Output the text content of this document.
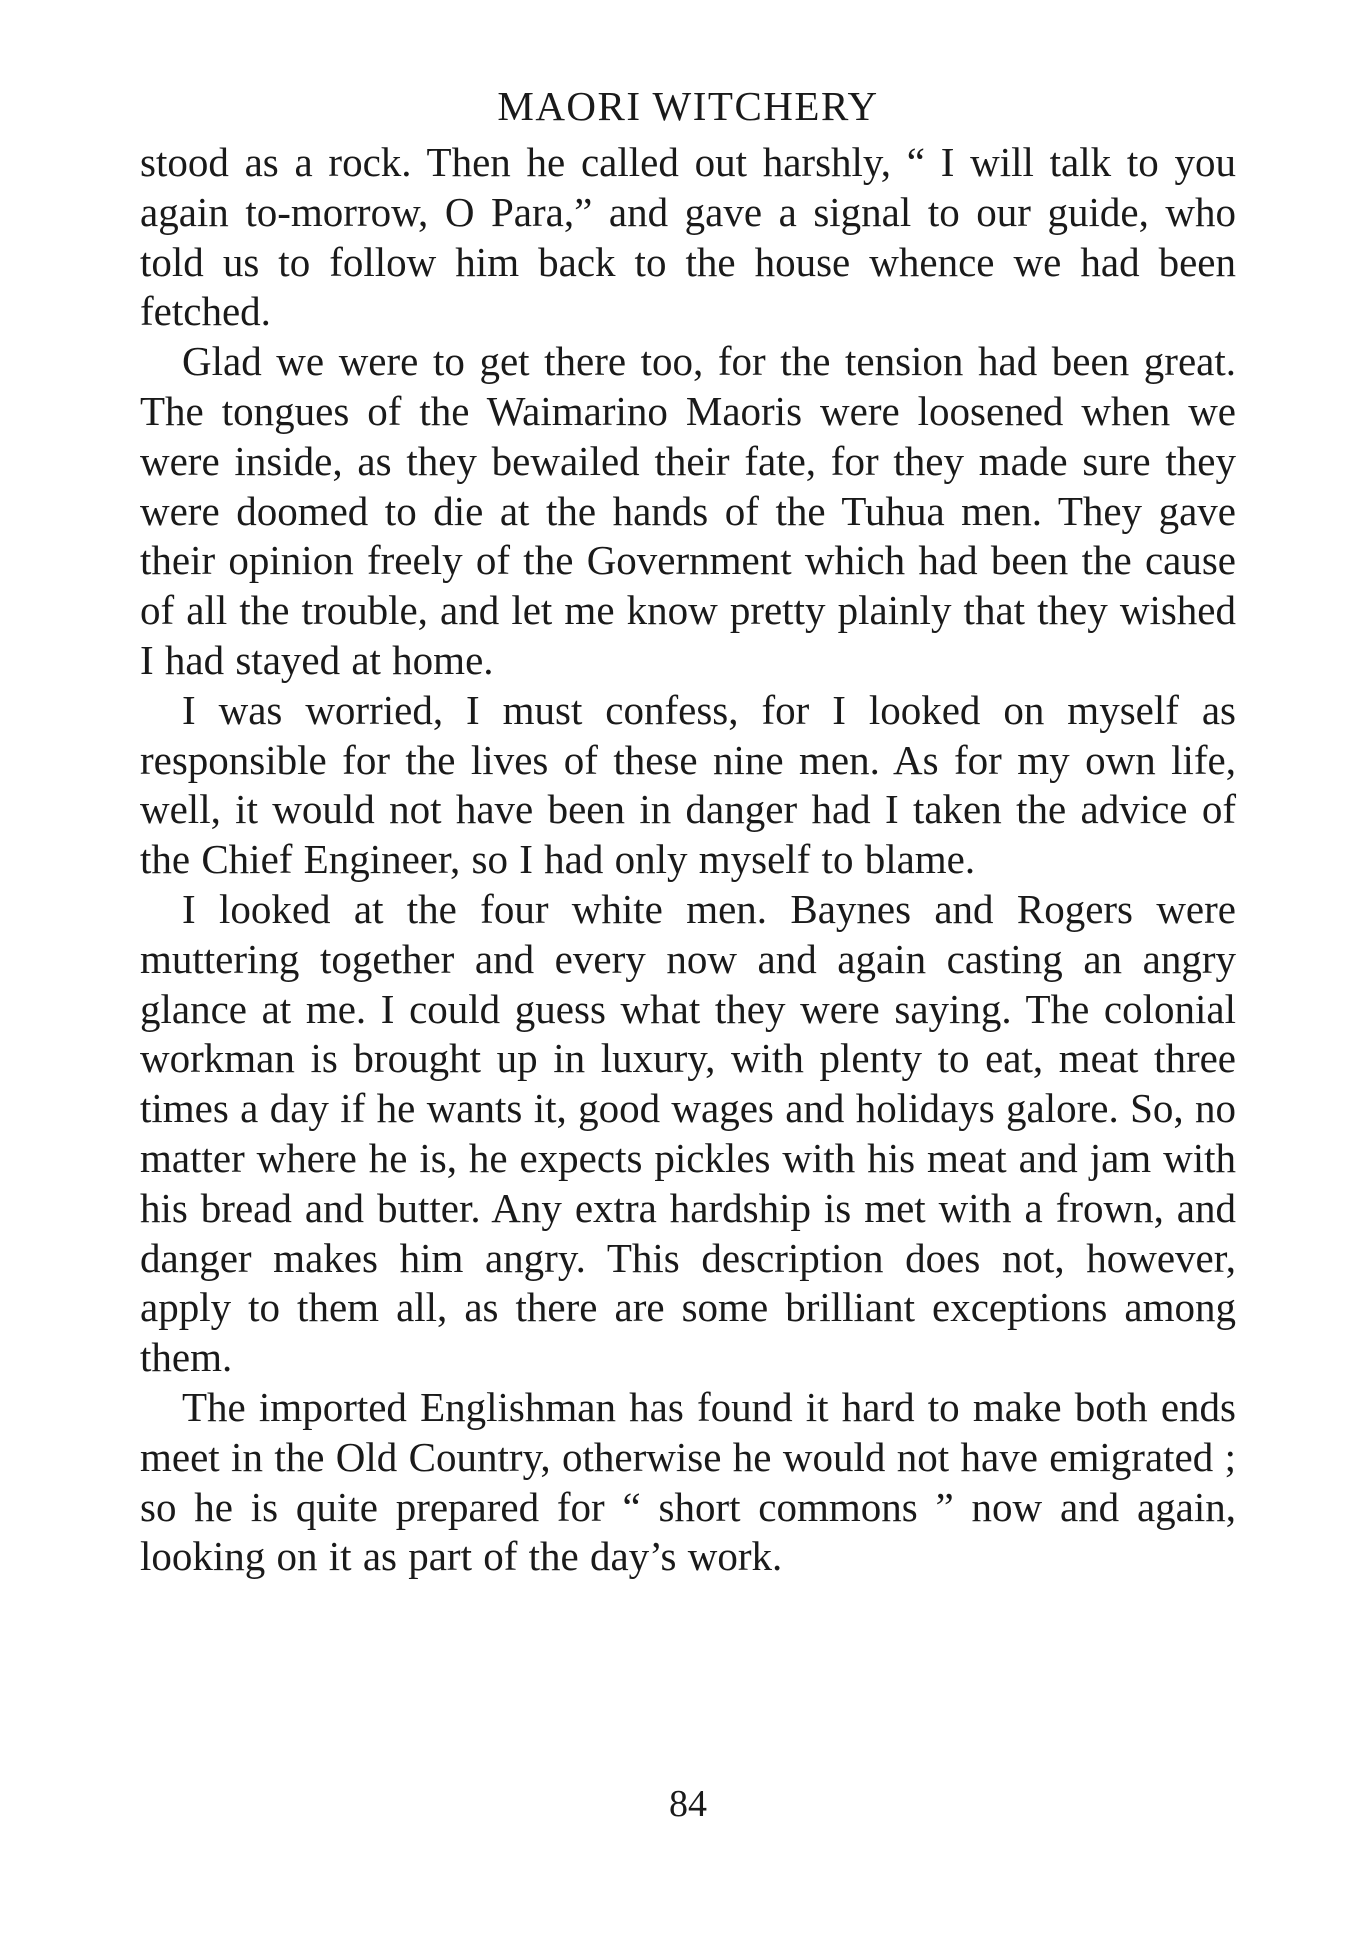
MAORI WITCHERY

stood as a rock. Then he called out harshly, “ I will talk to you again to-morrow, O Para,” and gave a signal to our guide, who told us to follow him back to the house whence we had been fetched.

Glad we were to get there too, for the tension had been great. The tongues of the Waimarino Maoris were loosened when we were inside, as they bewailed their fate, for they made sure they were doomed to die at the hands of the Tuhua men. They gave their opinion freely of the Government which had been the cause of all the trouble, and let me know pretty plainly that they wished I had stayed at home.

I was worried, I must confess, for I looked on myself as responsible for the lives of these nine men. As for my own life, well, it would not have been in danger had I taken the advice of the Chief Engineer, so I had only myself to blame.

I looked at the four white men. Baynes and Rogers were muttering together and every now and again casting an angry glance at me. I could guess what they were saying. The colonial workman is brought up in luxury, with plenty to eat, meat three times a day if he wants it, good wages and holidays galore. So, no matter where he is, he expects pickles with his meat and jam with his bread and butter. Any extra hardship is met with a frown, and danger makes him angry. This description does not, however, apply to them all, as there are some brilliant exceptions among them.

The imported Englishman has found it hard to make both ends meet in the Old Country, otherwise he would not have emigrated ; so he is quite prepared for “ short commons ” now and again, looking on it as part of the day’s work.

84
